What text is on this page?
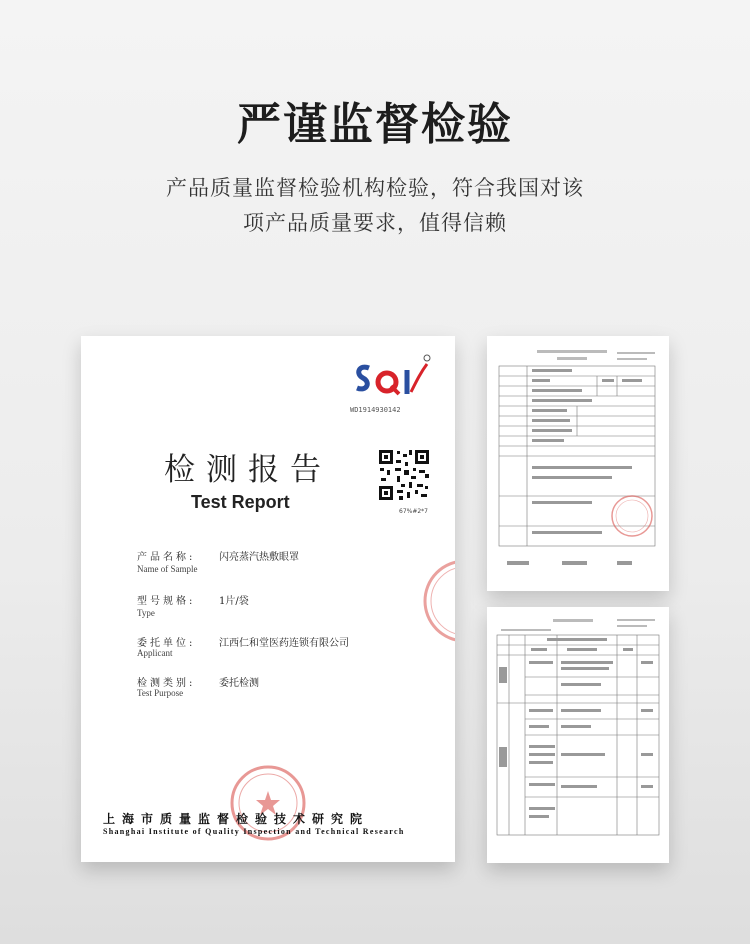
严谨监督检验
产品质量监督检验机构检验，符合我国对该
项产品质量要求，值得信赖
WD1914930142
检测报告
Test Report	67%#2*7
产品名称:
Name of Sample
闪亮蒸汽热敷眼罩
型号规格:
Type
1片/袋
委托单位:
Applicant
江西仁和堂医药连锁有限公司
检测类别:
Test Purpose
委托检测
上海市质量监督检验技术研究院
Shanghai Institute of Quality Inspection and Technical Research
